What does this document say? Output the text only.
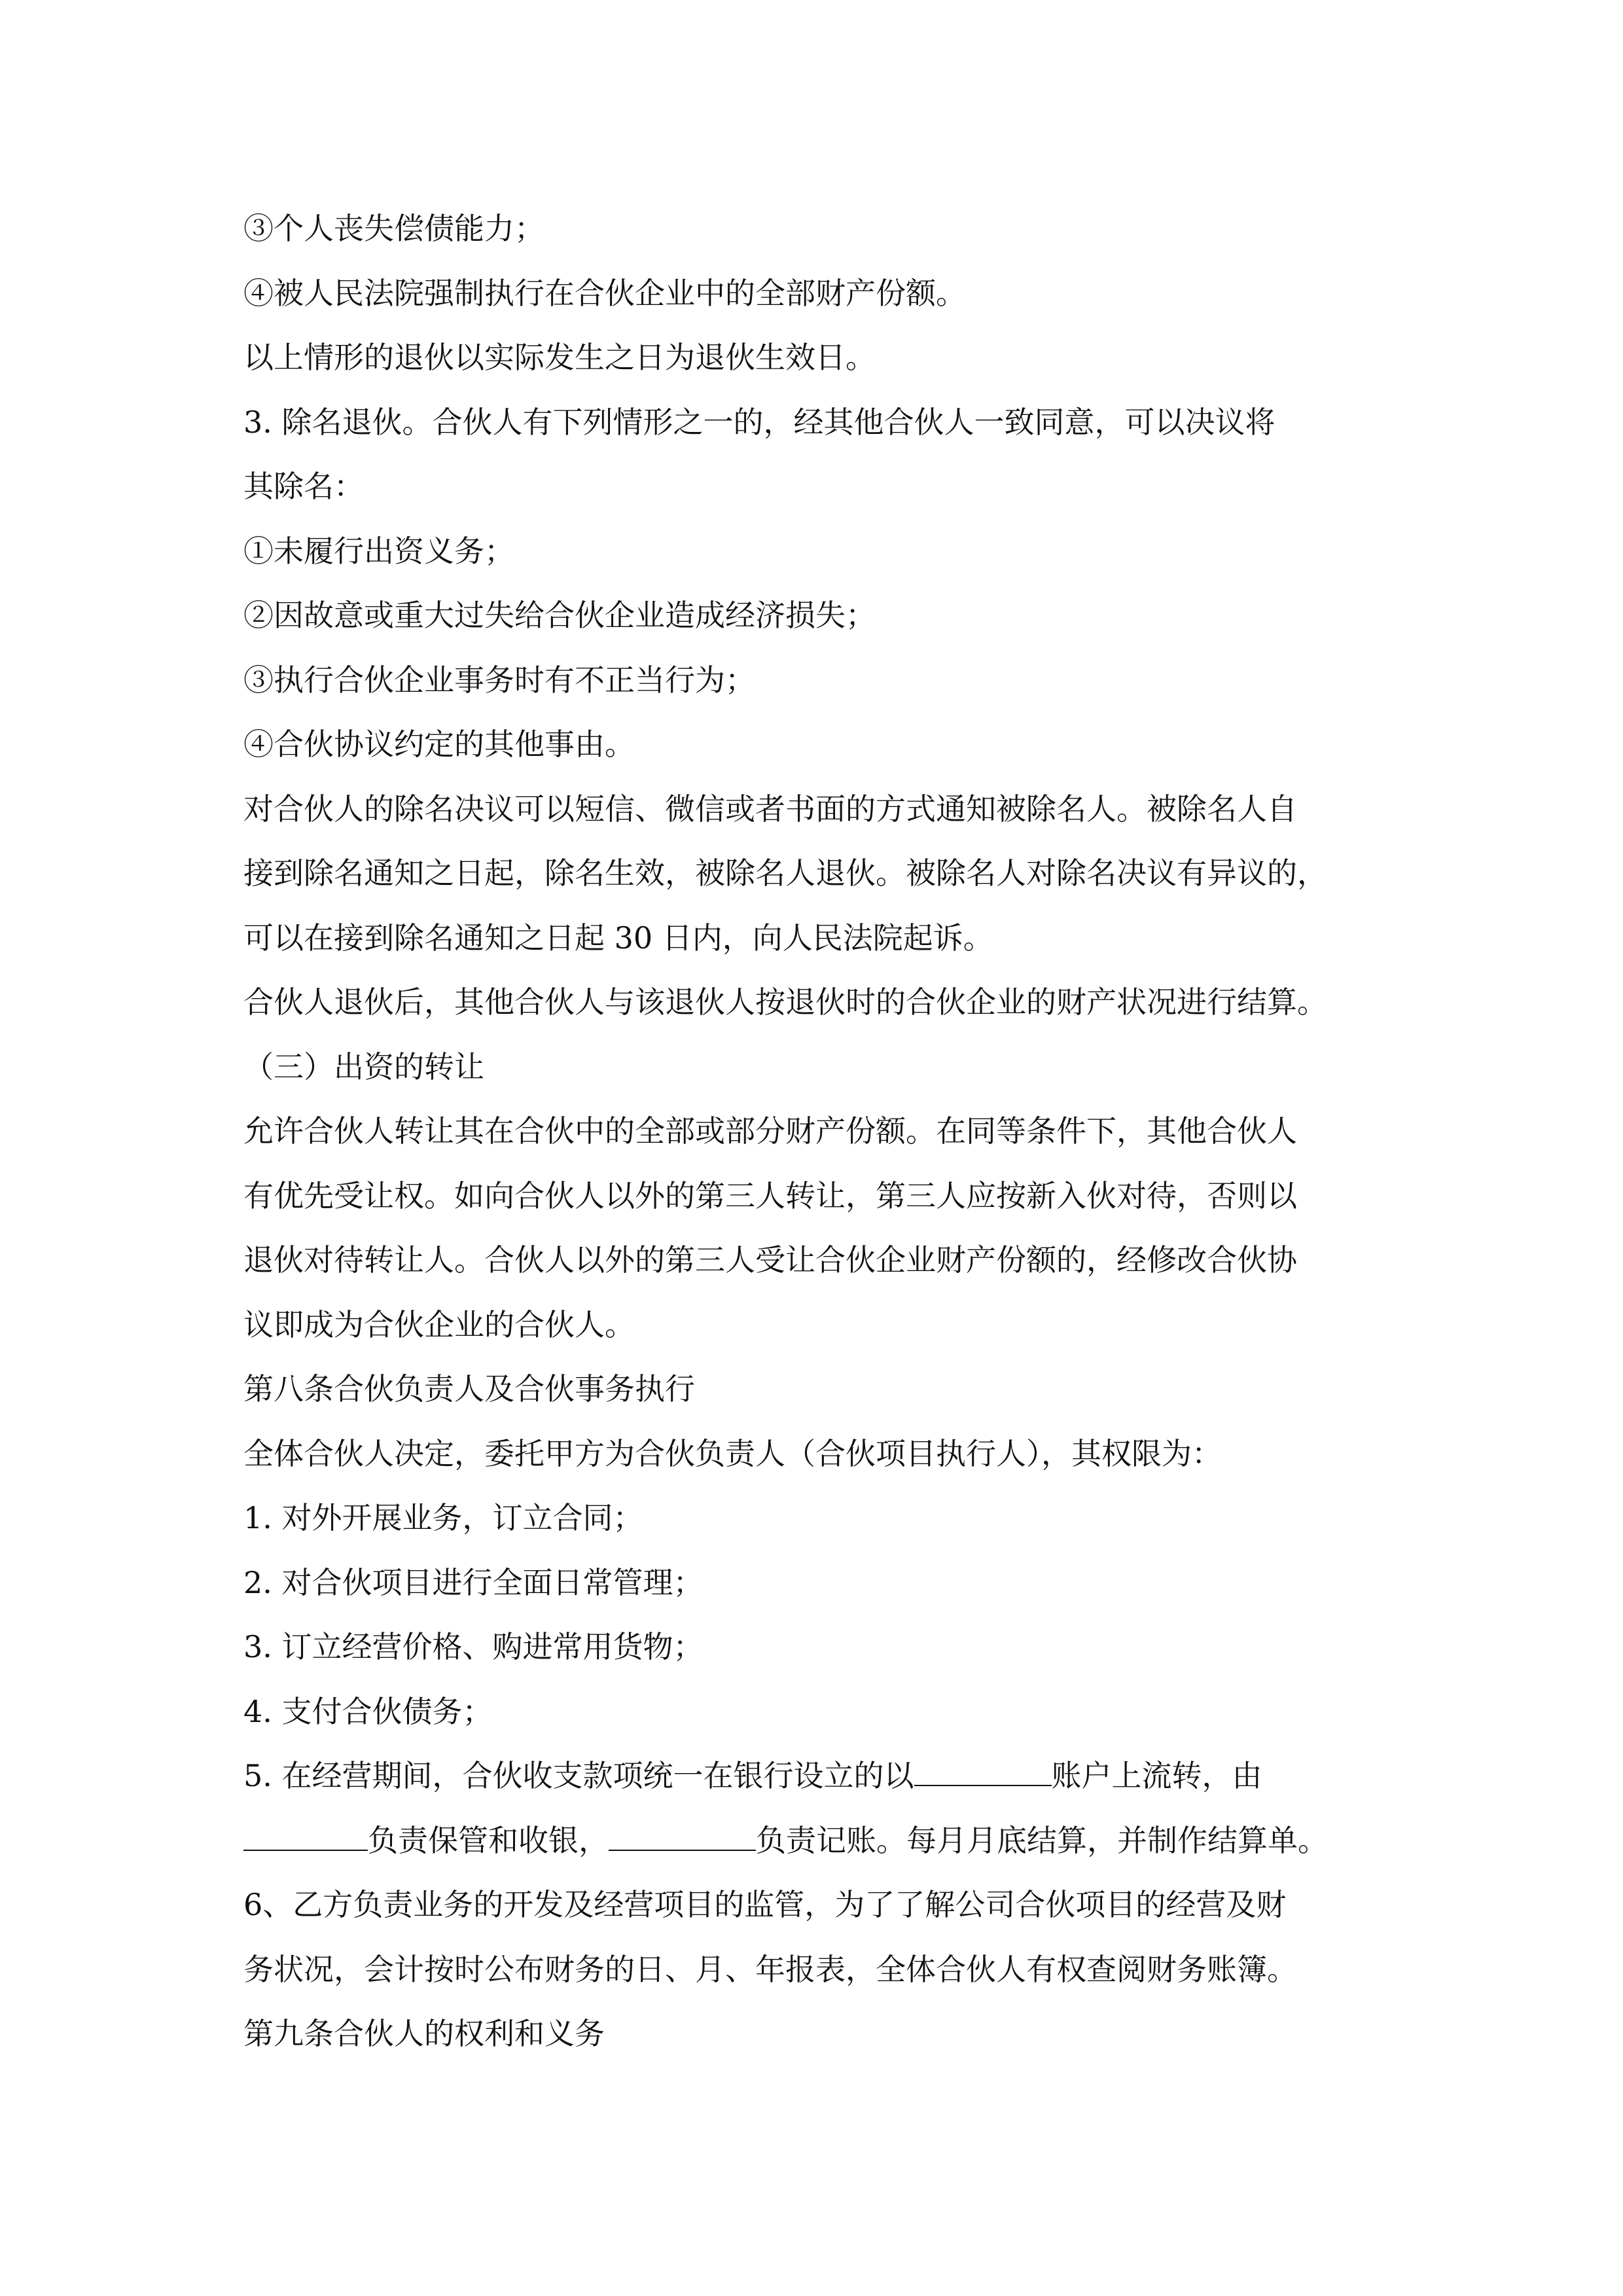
③个人丧失偿债能力；
④被人民法院强制执行在合伙企业中的全部财产份额。
以上情形的退伙以实际发生之日为退伙生效日。
3. 除名退伙。合伙人有下列情形之一的，经其他合伙人一致同意，可以决议将
其除名：
①未履行出资义务；
②因故意或重大过失给合伙企业造成经济损失；
③执行合伙企业事务时有不正当行为；
④合伙协议约定的其他事由。
对合伙人的除名决议可以短信、微信或者书面的方式通知被除名人。被除名人自
接到除名通知之日起，除名生效，被除名人退伙。被除名人对除名决议有异议的，
可以在接到除名通知之日起 30 日内，向人民法院起诉。
合伙人退伙后，其他合伙人与该退伙人按退伙时的合伙企业的财产状况进行结算。
（三）出资的转让
允许合伙人转让其在合伙中的全部或部分财产份额。在同等条件下，其他合伙人
有优先受让权。如向合伙人以外的第三人转让，第三人应按新入伙对待，否则以
退伙对待转让人。合伙人以外的第三人受让合伙企业财产份额的，经修改合伙协
议即成为合伙企业的合伙人。
第八条合伙负责人及合伙事务执行
全体合伙人决定，委托甲方为合伙负责人（合伙项目执行人），其权限为：
1. 对外开展业务，订立合同；
2. 对合伙项目进行全面日常管理；
3. 订立经营价格、购进常用货物；
4. 支付合伙债务；
5. 在经营期间，合伙收支款项统一在银行设立的以	账户上流转，由
负责保管和收银，	负责记账。每月月底结算，并制作结算单。
6、乙方负责业务的开发及经营项目的监管，为了了解公司合伙项目的经营及财
务状况，会计按时公布财务的日、月、年报表，全体合伙人有权查阅财务账簿。
第九条合伙人的权利和义务
